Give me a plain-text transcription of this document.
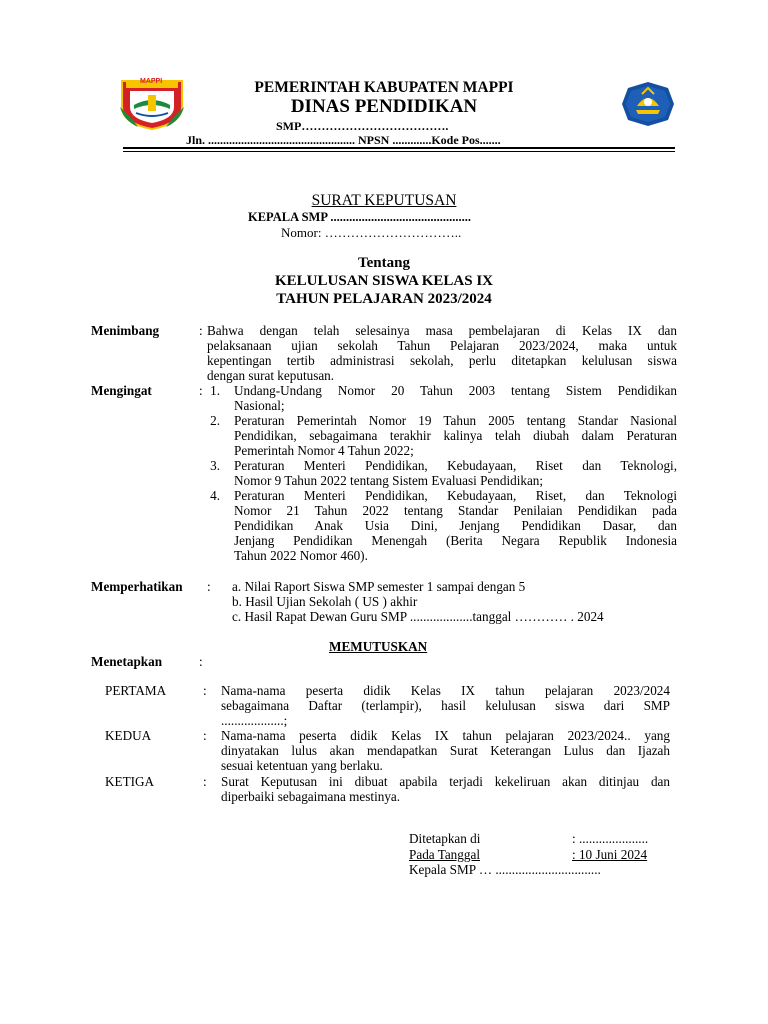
MAPPI	PEMERINTAH KABUPATEN MAPPI
DINAS PENDIDIKAN
SMP……………………………….
Jln. ................................................. NPSN .............Kode Pos.......
SURAT KEPUTUSAN
KEPALA SMP .............................................
Nomor: …………………………..
Tentang
KELULUSAN SISWA KELAS IX
TAHUN PELAJARAN 2023/2024
Menimbang	: Bahwa dengan telah selesainya masa pembelajaran di Kelas IX dan
pelaksanaan ujian sekolah Tahun Pelajaran 2023/2024, maka untuk
kepentingan tertib administrasi sekolah, perlu ditetapkan kelulusan siswa
dengan surat keputusan.
Mengingat	: 1. Undang-Undang Nomor 20 Tahun 2003 tentang Sistem Pendidikan
Nasional;
2. Peraturan Pemerintah Nomor 19 Tahun 2005 tentang Standar Nasional
Pendidikan, sebagaimana terakhir kalinya telah diubah dalam Peraturan
Pemerintah Nomor 4 Tahun 2022;
3. Peraturan Menteri Pendidikan, Kebudayaan, Riset dan Teknologi,
Nomor 9 Tahun 2022 tentang Sistem Evaluasi Pendidikan;
4. Peraturan Menteri Pendidikan, Kebudayaan, Riset, dan Teknologi
Nomor 21 Tahun 2022 tentang Standar Penilaian Pendidikan pada
Pendidikan Anak Usia Dini, Jenjang Pendidikan Dasar, dan
Jenjang Pendidikan Menengah (Berita Negara Republik Indonesia
Tahun 2022 Nomor 460).
Memperhatikan : a. Nilai Raport Siswa SMP semester 1 sampai dengan 5
b. Hasil Ujian Sekolah ( US ) akhir
c. Hasil Rapat Dewan Guru SMP ...................tanggal ………… . 2024
MEMUTUSKAN
Menetapkan	:
PERTAMA	: Nama-nama peserta didik Kelas IX tahun pelajaran 2023/2024
sebagaimana Daftar (terlampir), hasil kelulusan siswa dari SMP
...................;
KEDUA	: Nama-nama peserta didik Kelas IX tahun pelajaran 2023/2024.. yang
dinyatakan lulus akan mendapatkan Surat Keterangan Lulus dan Ijazah
sesuai ketentuan yang berlaku.
KETIGA	: Surat Keputusan ini dibuat apabila terjadi kekeliruan akan ditinjau dan
diperbaiki sebagaimana mestinya.
Ditetapkan di	: .....................
Pada Tanggal	: 10 Juni 2024
Kepala SMP … ................................
